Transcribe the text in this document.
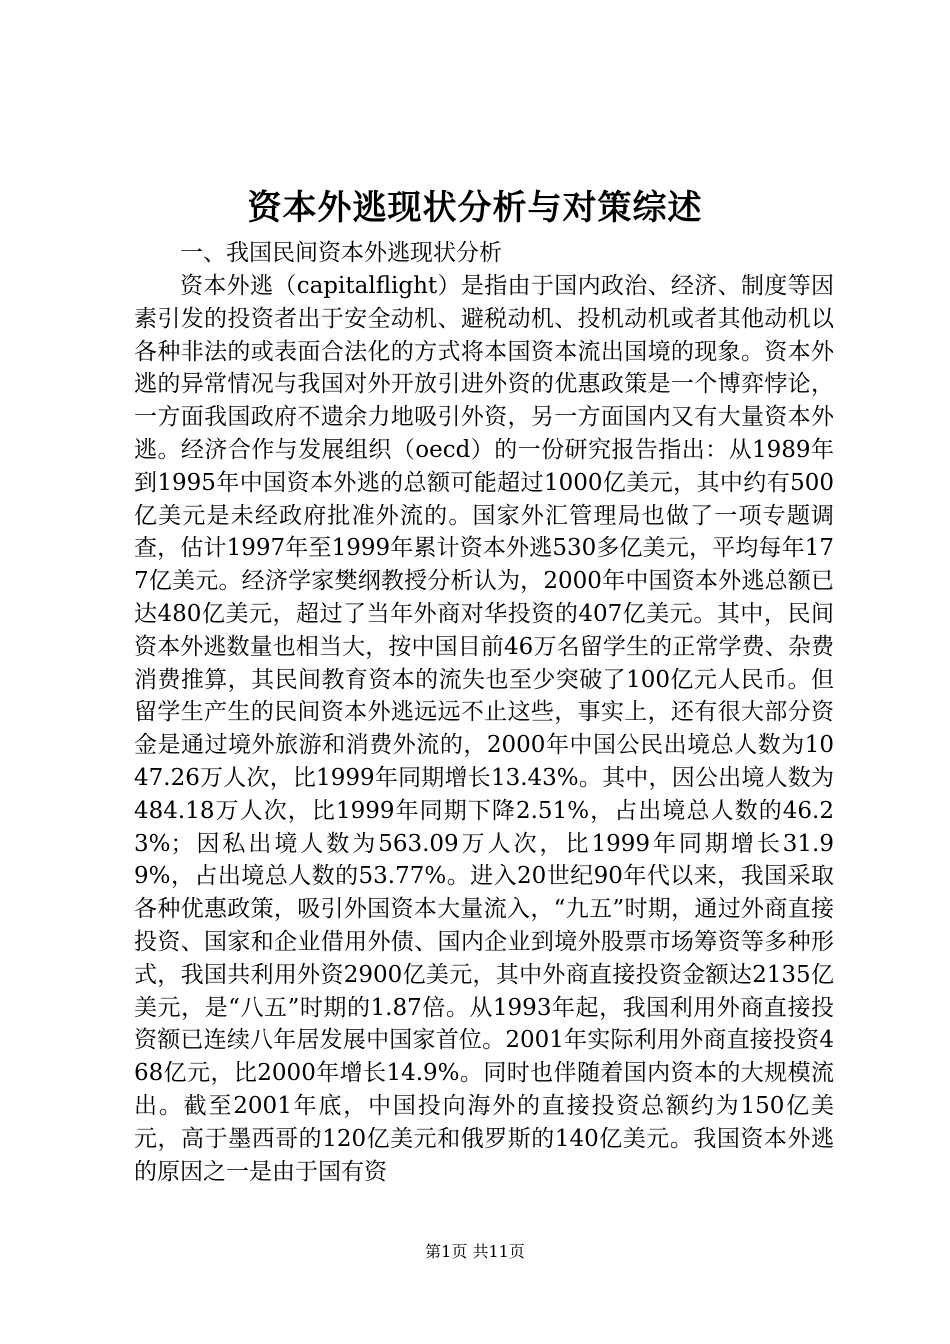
资本外逃现状分析与对策综述

一、我国民间资本外逃现状分析

资本外逃（capitalflight）是指由于国内政治、经济、制度等因素引发的投资者出于安全动机、避税动机、投机动机或者其他动机以各种非法的或表面合法化的方式将本国资本流出国境的现象。资本外逃的异常情况与我国对外开放引进外资的优惠政策是一个博弈悖论，一方面我国政府不遗余力地吸引外资，另一方面国内又有大量资本外逃。经济合作与发展组织（oecd）的一份研究报告指出：从1989年到1995年中国资本外逃的总额可能超过1000亿美元，其中约有500亿美元是未经政府批准外流的。国家外汇管理局也做了一项专题调查，估计1997年至1999年累计资本外逃530多亿美元，平均每年177亿美元。经济学家樊纲教授分析认为，2000年中国资本外逃总额已达480亿美元，超过了当年外商对华投资的407亿美元。其中，民间资本外逃数量也相当大，按中国目前46万名留学生的正常学费、杂费消费推算，其民间教育资本的流失也至少突破了100亿元人民币。但留学生产生的民间资本外逃远远不止这些，事实上，还有很大部分资金是通过境外旅游和消费外流的，2000年中国公民出境总人数为1047.26万人次，比1999年同期增长13.43%。其中，因公出境人数为484.18万人次，比1999年同期下降2.51%，占出境总人数的46.23%；因私出境人数为563.09万人次，比1999年同期增长31.99%，占出境总人数的53.77%。进入20世纪90年代以来，我国采取各种优惠政策，吸引外国资本大量流入，“九五”时期，通过外商直接投资、国家和企业借用外债、国内企业到境外股票市场筹资等多种形式，我国共利用外资2900亿美元，其中外商直接投资金额达2135亿美元，是“八五”时期的1.87倍。从1993年起，我国利用外商直接投资额已连续八年居发展中国家首位。2001年实际利用外商直接投资468亿元，比2000年增长14.9%。同时也伴随着国内资本的大规模流出。截至2001年底，中国投向海外的直接投资总额约为150亿美元，高于墨西哥的120亿美元和俄罗斯的140亿美元。我国资本外逃的原因之一是由于国有资

第1页 共11页
